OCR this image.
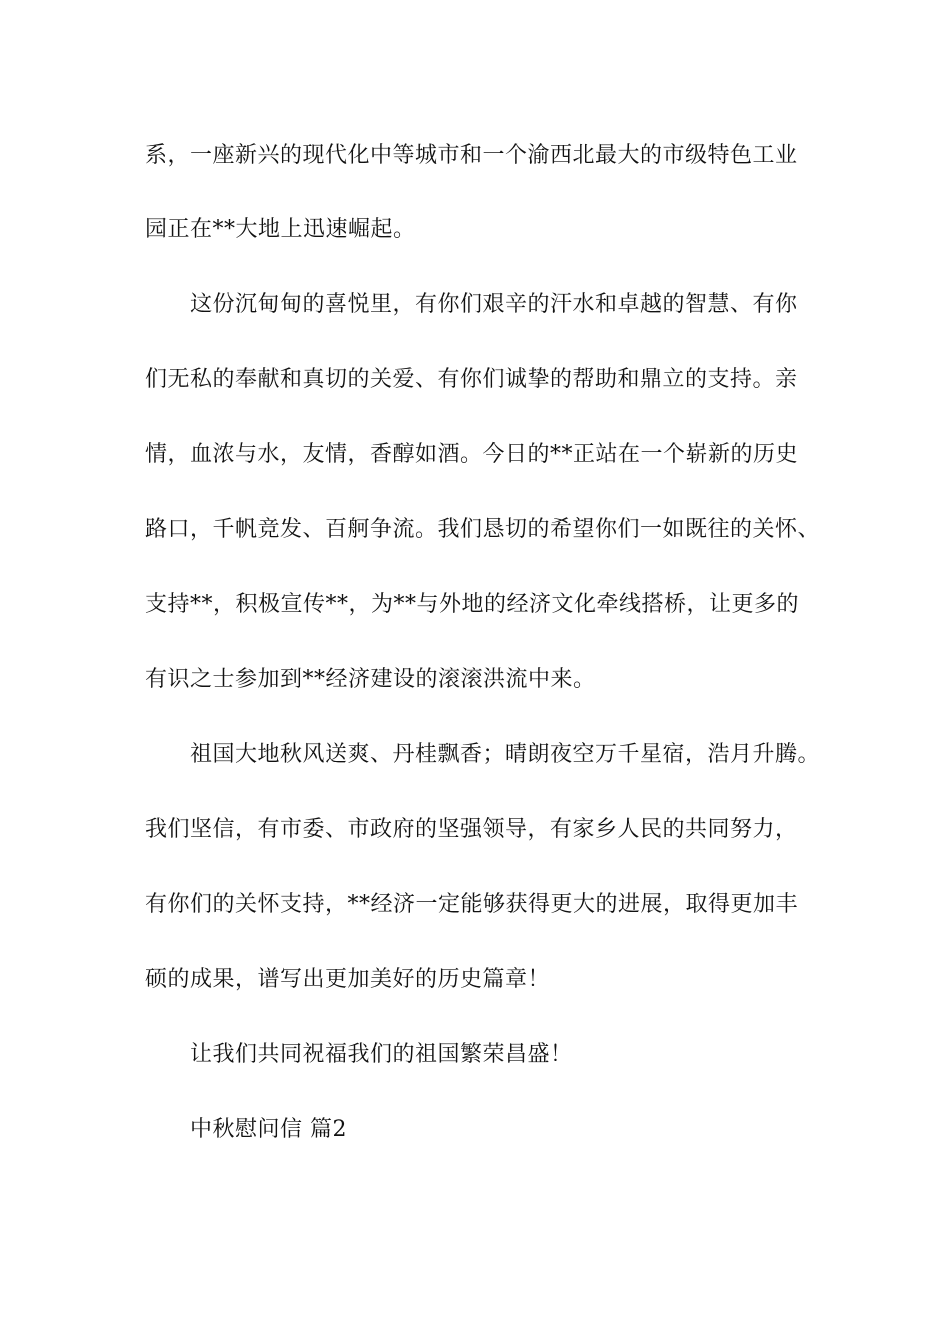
系，一座新兴的现代化中等城市和一个渝西北最大的市级特色工业
园正在**大地上迅速崛起。
这份沉甸甸的喜悦里，有你们艰辛的汗水和卓越的智慧、有你
们无私的奉献和真切的关爱、有你们诚挚的帮助和鼎立的支持。亲
情，血浓与水，友情，香醇如酒。今日的**正站在一个崭新的历史
路口，千帆竞发、百舸争流。我们恳切的希望你们一如既往的关怀、
支持**，积极宣传**，为**与外地的经济文化牵线搭桥，让更多的
有识之士参加到**经济建设的滚滚洪流中来。
祖国大地秋风送爽、丹桂飘香；晴朗夜空万千星宿，浩月升腾。
我们坚信，有市委、市政府的坚强领导，有家乡人民的共同努力，
有你们的关怀支持，**经济一定能够获得更大的进展，取得更加丰
硕的成果，谱写出更加美好的历史篇章！
让我们共同祝福我们的祖国繁荣昌盛！
中秋慰问信 篇2
